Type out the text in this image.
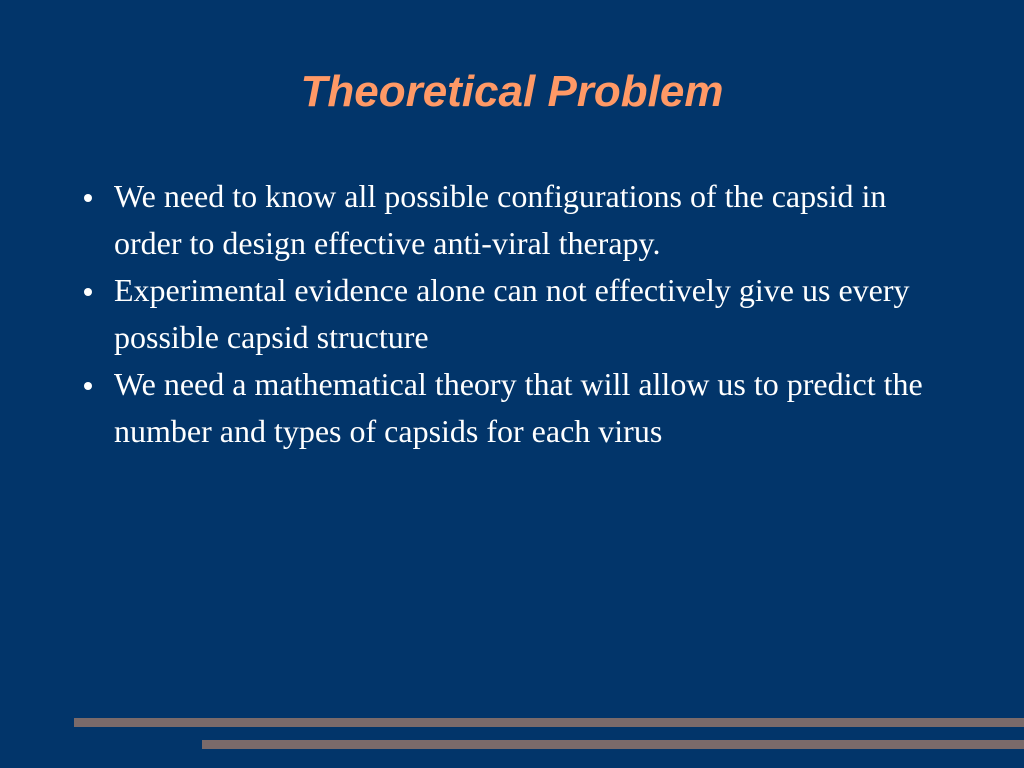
Theoretical Problem
We need to know all possible configurations of the capsid in order to design effective anti-viral therapy.
Experimental evidence alone can not effectively give us every possible capsid structure
We need a mathematical theory that will allow us to predict the number and types of capsids for each virus
